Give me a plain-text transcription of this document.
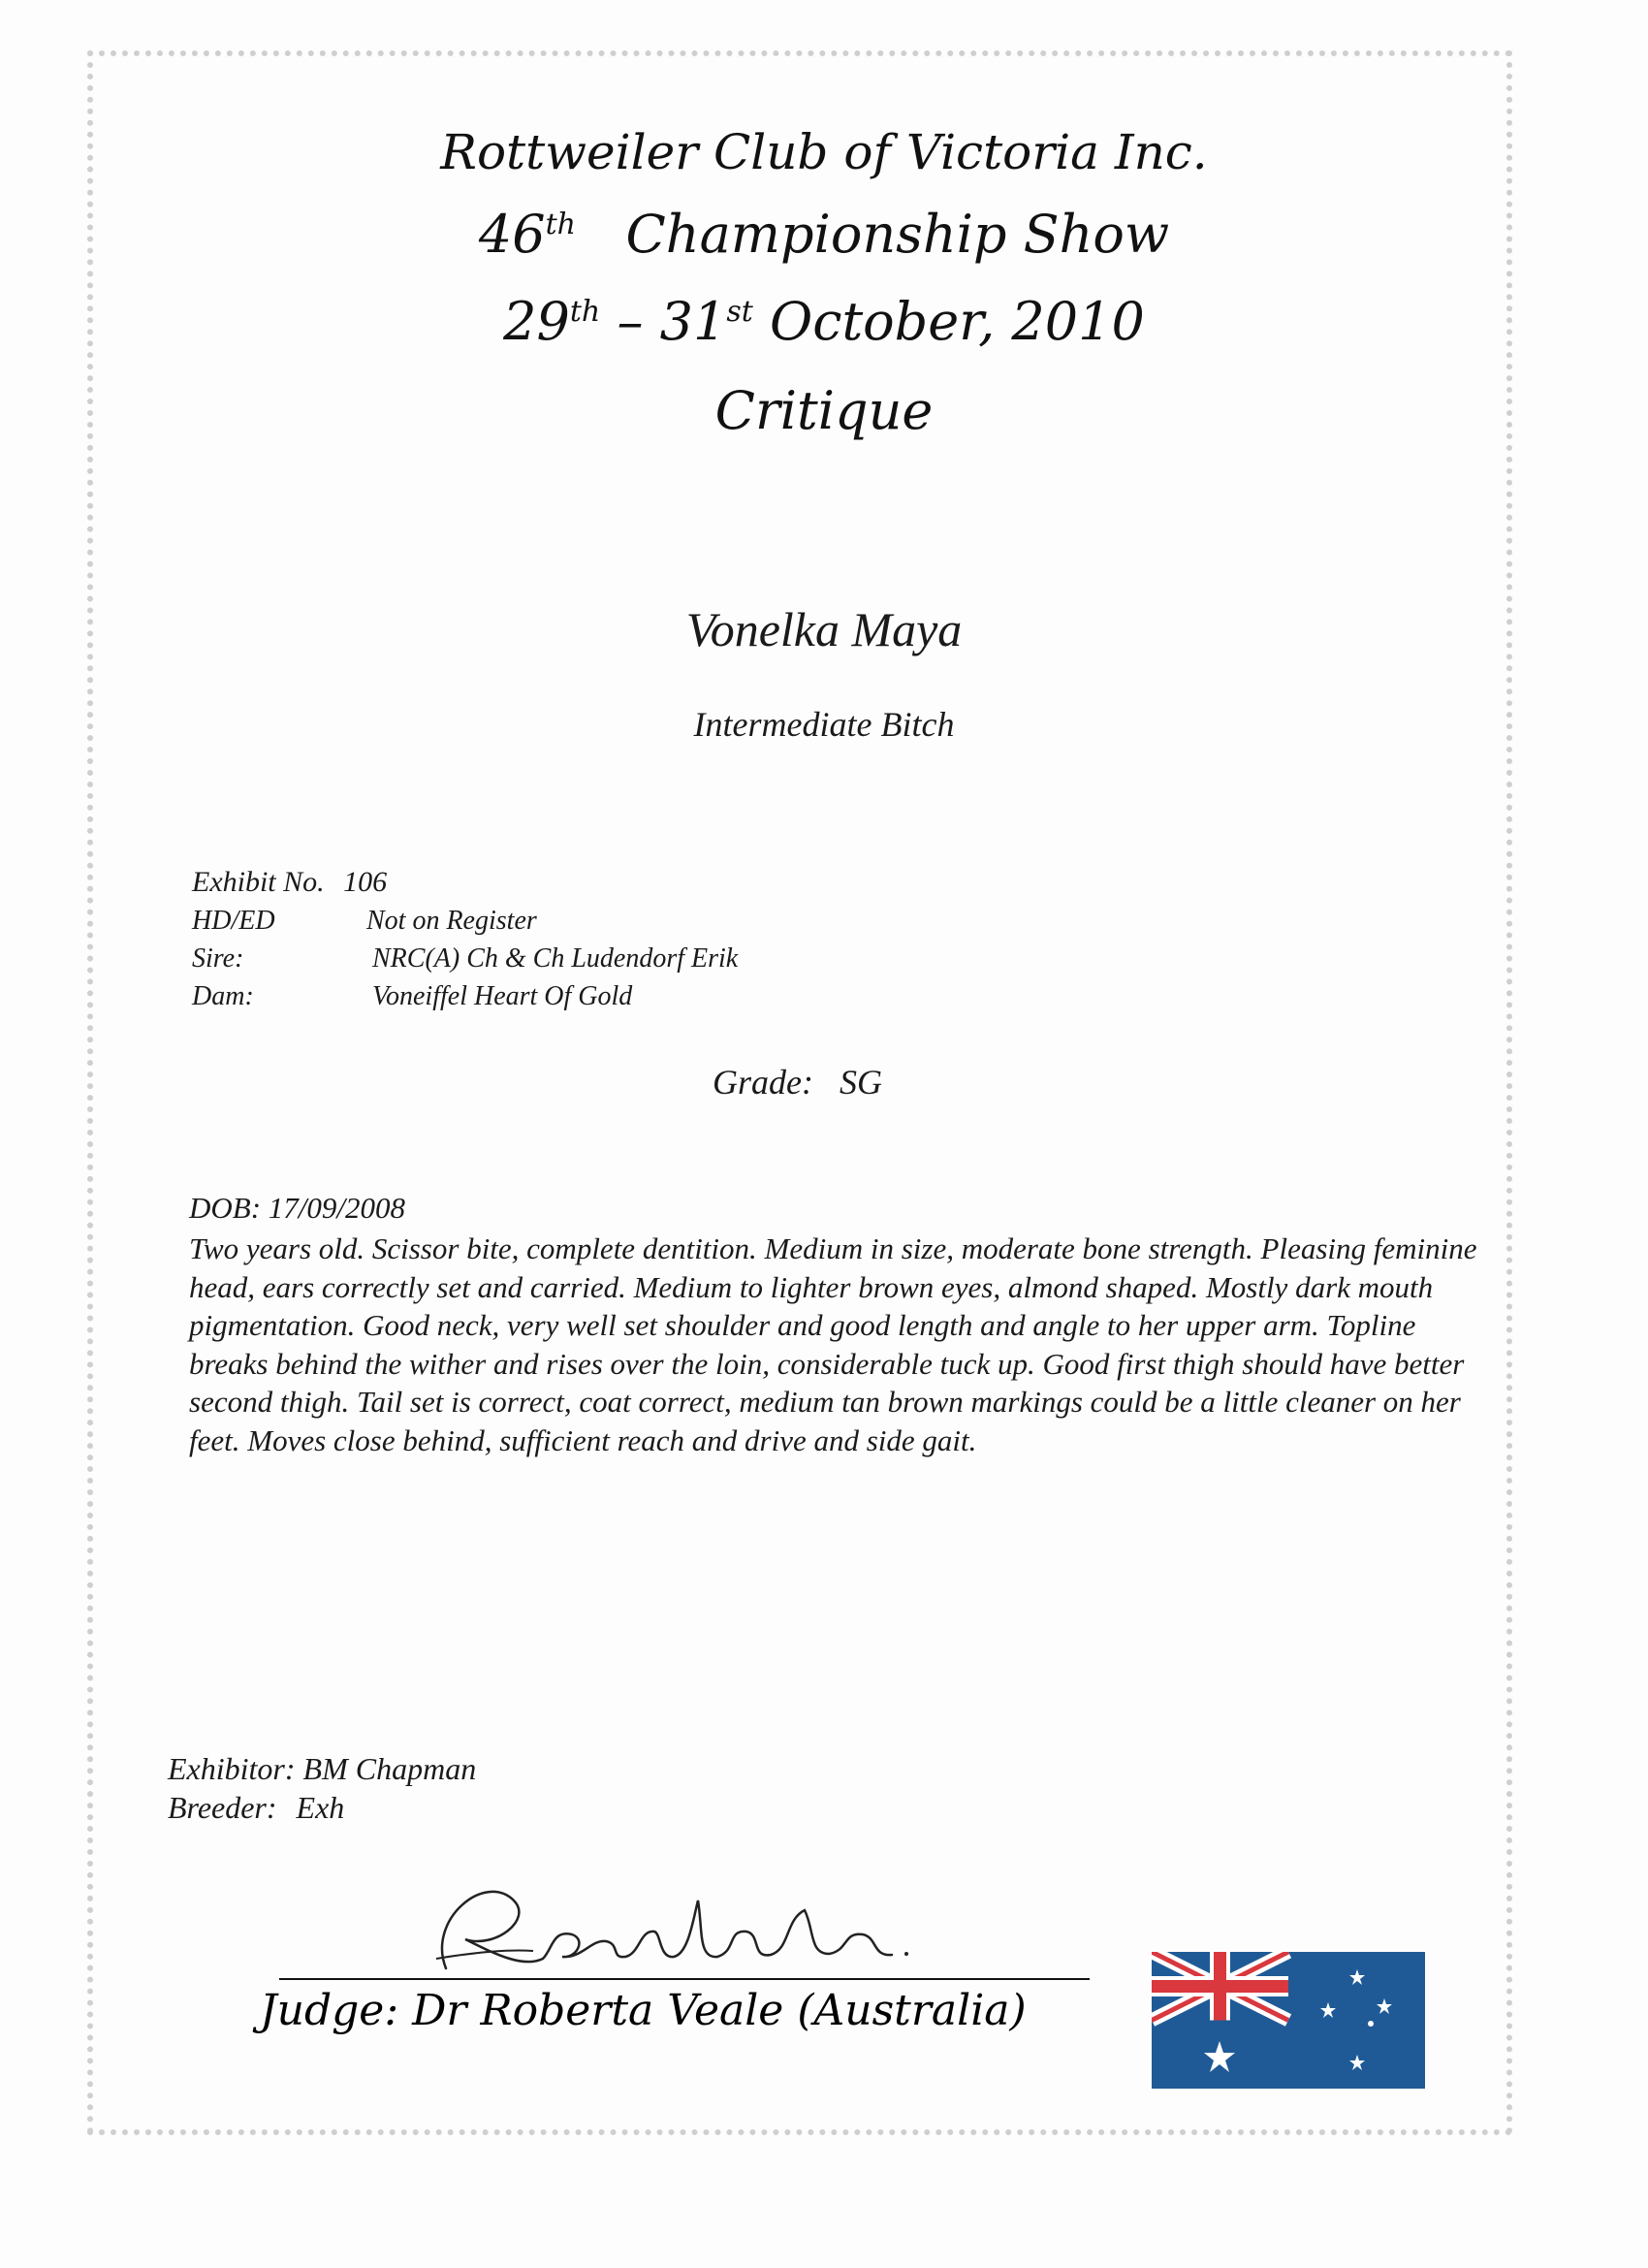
Rottweiler Club of Victoria Inc.
46th Championship Show
29th – 31st October, 2010
Critique
Vonelka Maya
Intermediate Bitch
Exhibit No. 106
HD/ED	Not on Register
Sire:	NRC(A) Ch & Ch Ludendorf Erik
Dam:	Voneiffel Heart Of Gold
Grade: SG
DOB: 17/09/2008
Two years old. Scissor bite, complete dentition. Medium in size, moderate bone strength. Pleasing feminine head, ears correctly set and carried. Medium to lighter brown eyes, almond shaped. Mostly dark mouth pigmentation. Good neck, very well set shoulder and good length and angle to her upper arm. Topline breaks behind the wither and rises over the loin, considerable tuck up. Good first thigh should have better second thigh. Tail set is correct, coat correct, medium tan brown markings could be a little cleaner on her feet. Moves close behind, sufficient reach and drive and side gait.
Exhibitor: BM Chapman
Breeder: Exh
Judge: Dr Roberta Veale (Australia)
